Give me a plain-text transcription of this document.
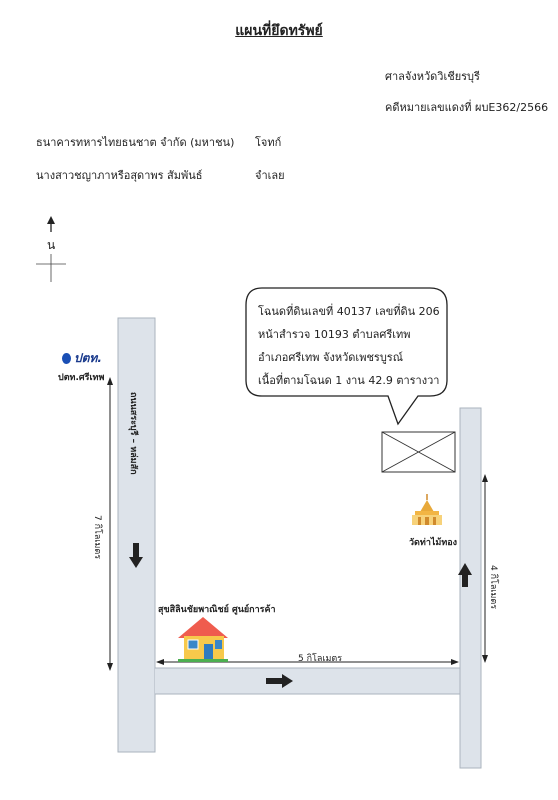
แผนที่ยึดทรัพย์
ศาลจังหวัดวิเชียรบุรี
คดีหมายเลขแดงที่ ผบE362/2566
ธนาคารทหารไทยธนชาต จำกัด (มหาชน) โจทก์
นางสาวชญาภาหรือสุดาพร สัมพันธ์	จำเลย
น
โฉนดที่ดินเลขที่ 40137 เลขที่ดิน 206
หน้าสำรวจ 10193 ตำบลศรีเทพ
อำเภอศรีเทพ จังหวัดเพชรบูรณ์
เนื้อที่ตามโฉนด 1 งาน 42.9 ตารางวา
ปตท.
ปตท.ศรีเทพ
ถนนสระบุรี – หล่มสัก
7 กิโลเมตร
4 กิโลเมตร
5 กิโลเมตร
สุขสิลินชัยพาณิชย์ ศูนย์การค้า
วัดท่าไม้ทอง
